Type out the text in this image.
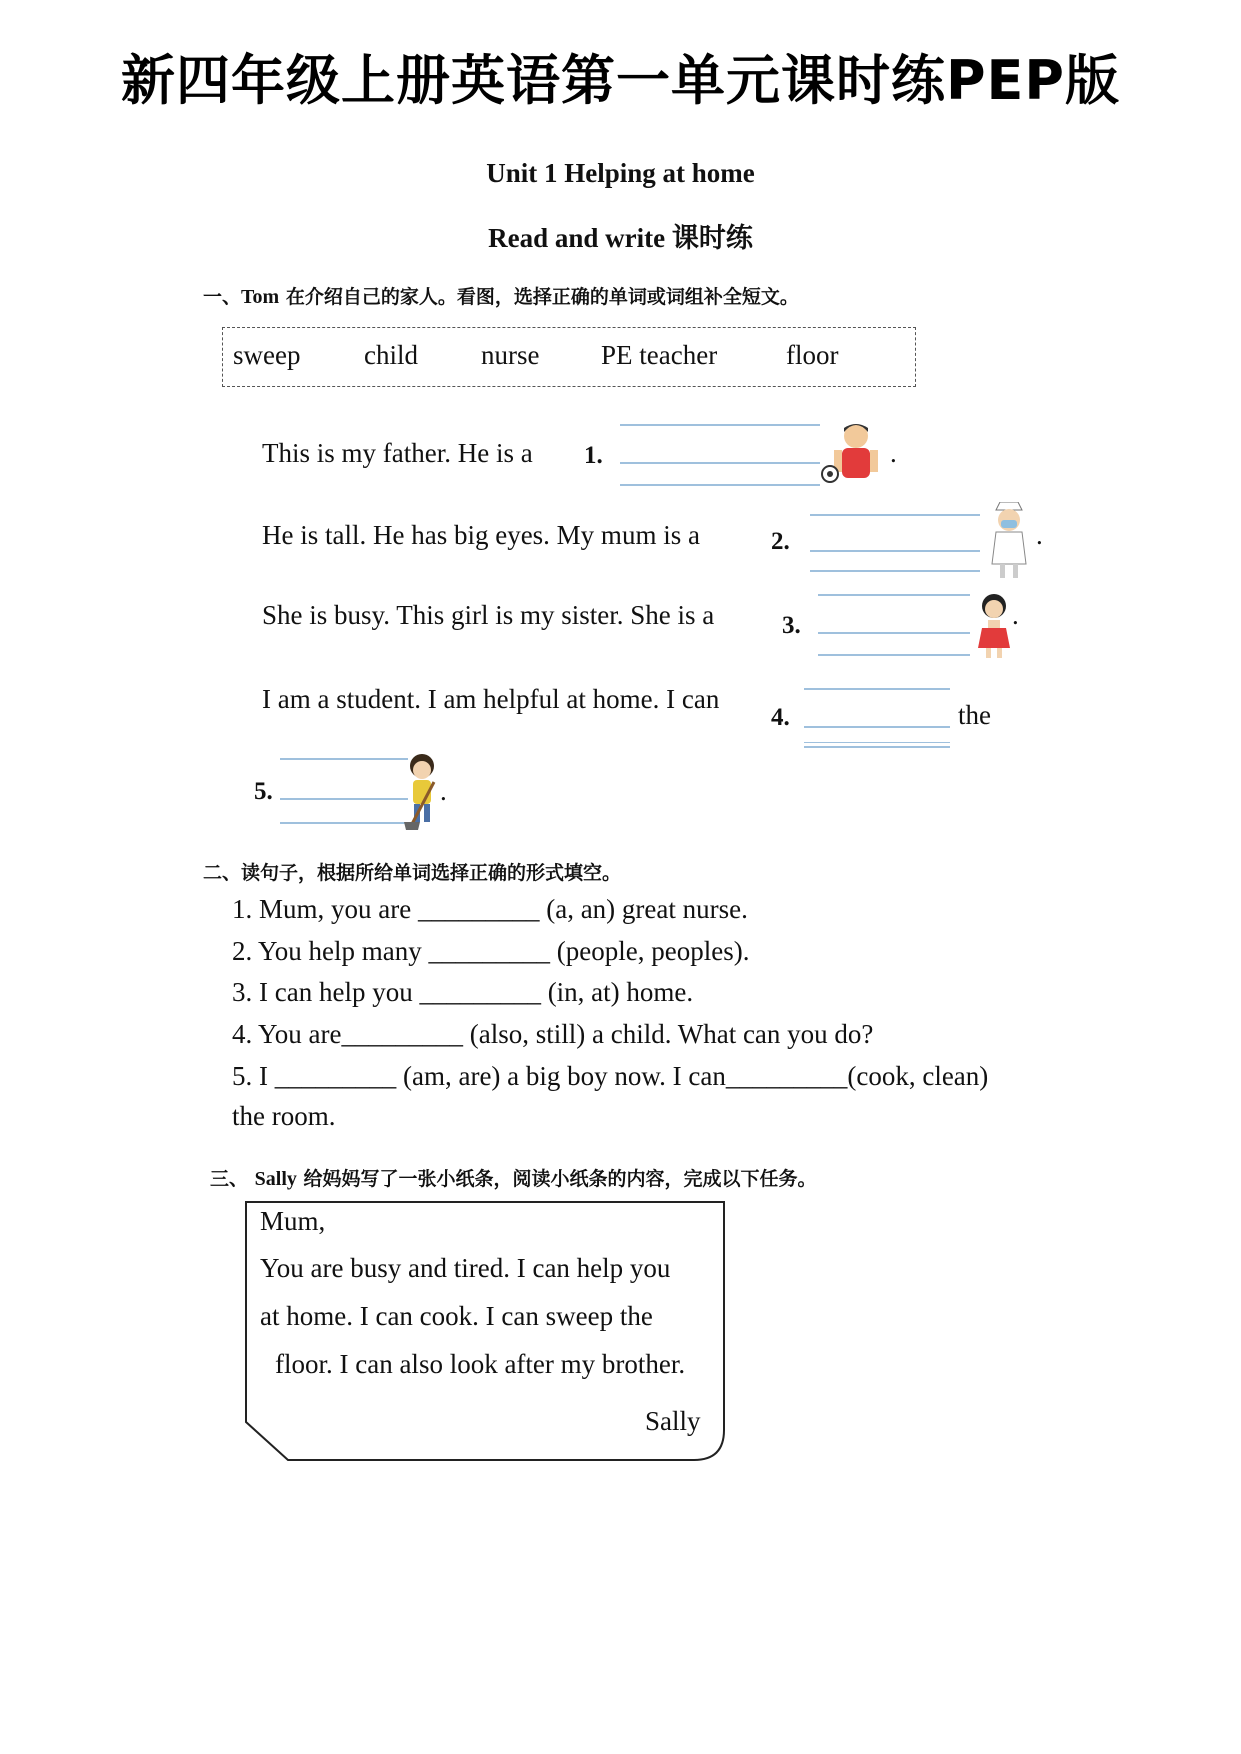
新四年级上册英语第一单元课时练PEP版
Unit 1 Helping at home
Read and write 课时练
一、Tom 在介绍自己的家人。看图，选择正确的单词或词组补全短文。
sweep child nurse PE teacher	floor
This is my father. He is a 1.	.
He is tall. He has big eyes. My mum is a	2.	.
She is busy. This girl is my sister. She is a	3.	.
I am a student. I am helpful at home. I can
4.	the
5.	.
二、读句子，根据所给单词选择正确的形式填空。
1. Mum, you are _________ (a, an) great nurse.
2. You help many _________ (people, peoples).
3. I can help you _________ (in, at) home.
4. You are_________ (also, still) a child. What can you do?
5. I _________ (am, are) a big boy now. I can_________(cook, clean)
the room.
三、 Sally 给妈妈写了一张小纸条，阅读小纸条的内容，完成以下任务。
Mum,
You are busy and tired. I can help you
at home. I can cook. I can sweep the
floor. I can also look after my brother.
Sally
